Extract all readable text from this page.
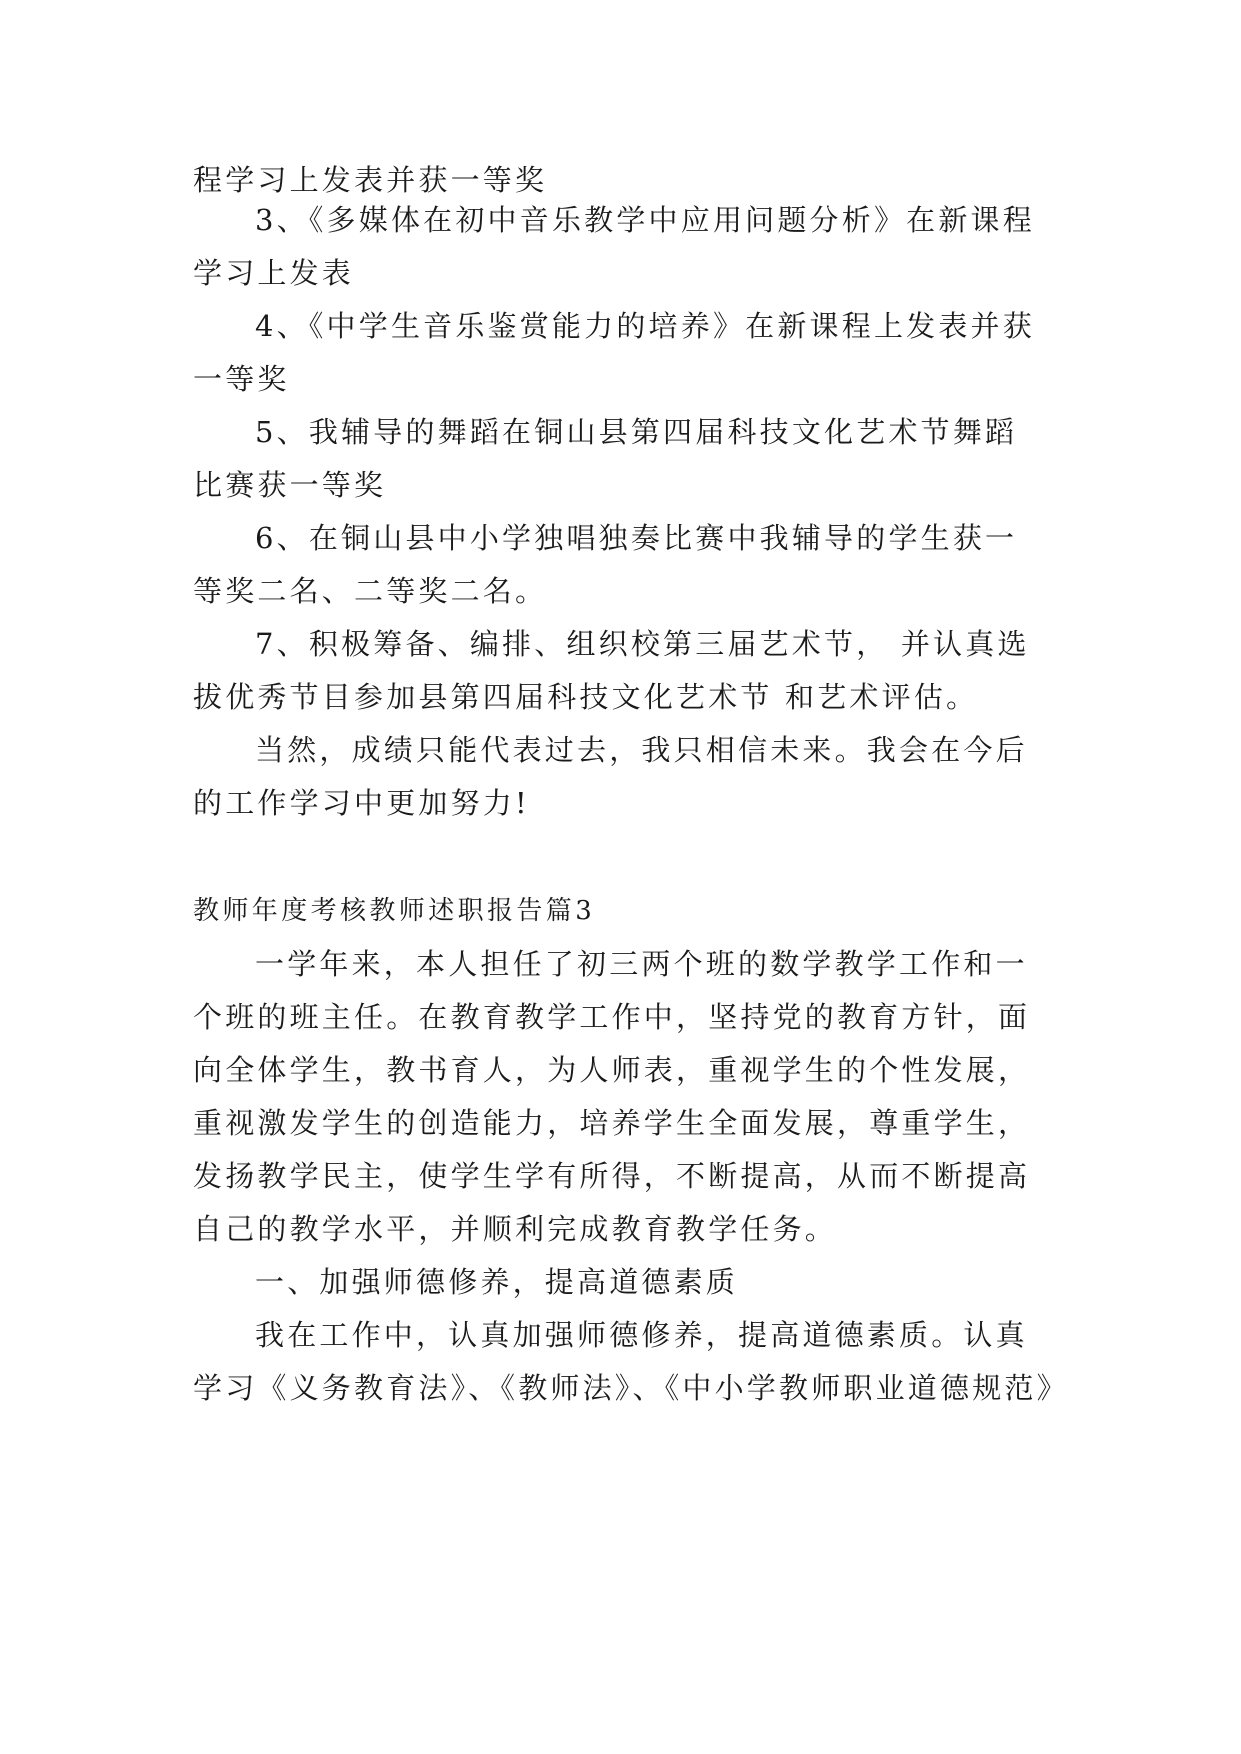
程学习上发表并获一等奖
3、《多媒体在初中音乐教学中应用问题分析》在新课程
学习上发表
4、《中学生音乐鉴赏能力的培养》在新课程上发表并获
一等奖
5、我辅导的舞蹈在铜山县第四届科技文化艺术节舞蹈
比赛获一等奖
6、在铜山县中小学独唱独奏比赛中我辅导的学生获一
等奖二名、二等奖二名。
7、积极筹备、编排、组织校第三届艺术节， 并认真选
拔优秀节目参加县第四届科技文化艺术节 和艺术评估。
当然，成绩只能代表过去，我只相信未来。我会在今后
的工作学习中更加努力!
教师年度考核教师述职报告篇3
一学年来，本人担任了初三两个班的数学教学工作和一
个班的班主任。在教育教学工作中，坚持党的教育方针，面
向全体学生，教书育人，为人师表，重视学生的个性发展，
重视激发学生的创造能力，培养学生全面发展，尊重学生，
发扬教学民主，使学生学有所得，不断提高，从而不断提高
自己的教学水平，并顺利完成教育教学任务。
一、加强师德修养，提高道德素质
我在工作中，认真加强师德修养，提高道德素质。认真
学习《义务教育法》、《教师法》、《中小学教师职业道德规范》
